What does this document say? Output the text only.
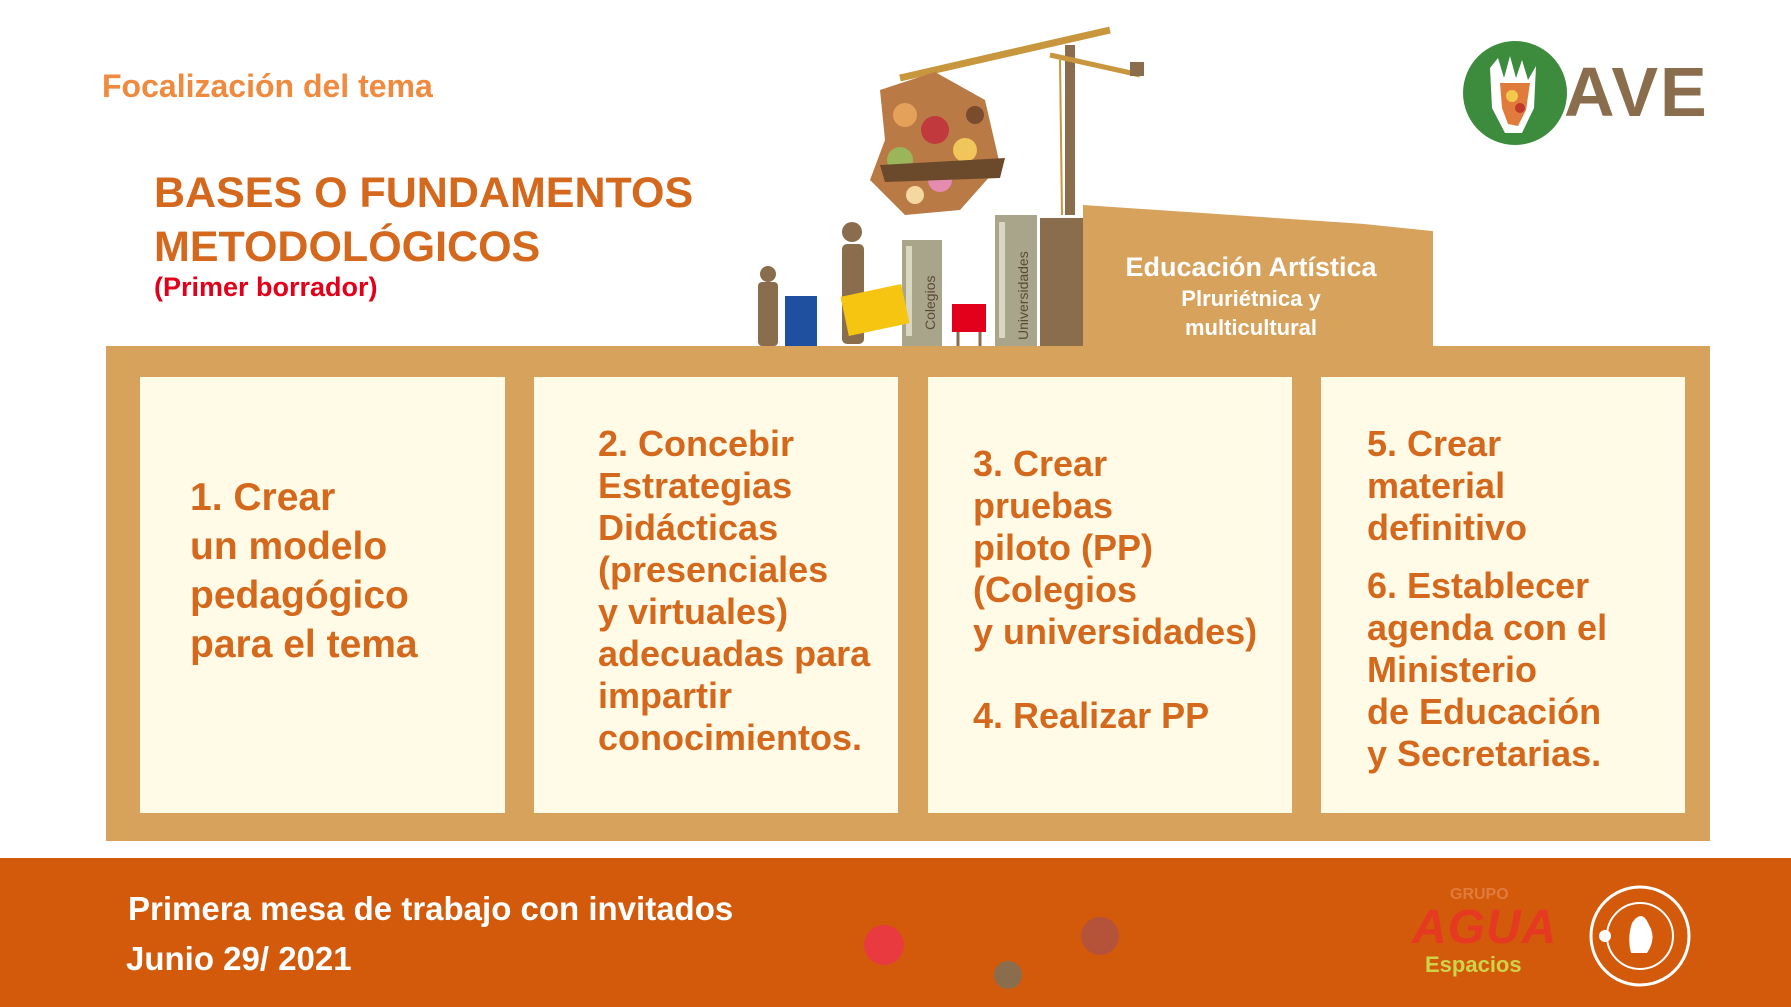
Focalización del tema
BASES O FUNDAMENTOS
METODOLÓGICOS
(Primer borrador)
AVE
Colegios	Universidades	Educación Artística
Plruriétnica y
multicultural
1. Crear
un modelo
pedagógico
para el tema
2. Concebir
Estrategias
Didácticas
(presenciales
y virtuales)
adecuadas para
impartir
conocimientos.
3. Crear
pruebas
piloto (PP)
(Colegios
y universidades)
4. Realizar PP
5. Crear
material
definitivo
6. Establecer
agenda con el
Ministerio
de Educación
y Secretarias.
Primera mesa de trabajo con invitados
Junio 29/ 2021
GRUPO
AGUA
Espacios
